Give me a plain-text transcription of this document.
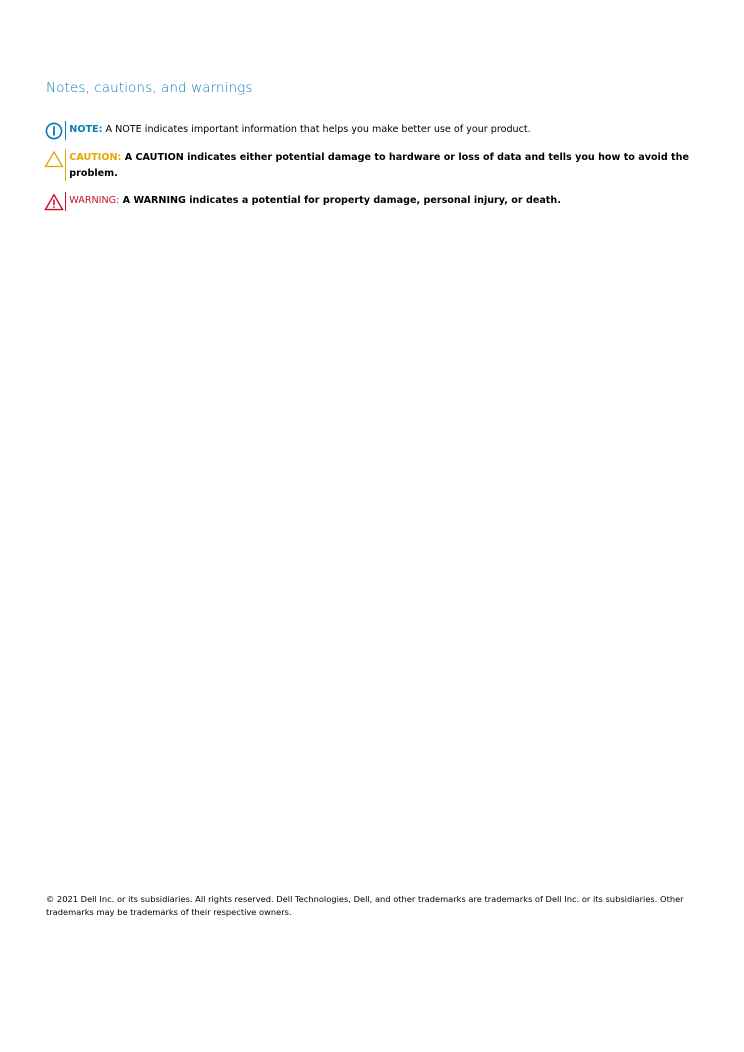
Notes, cautions, and warnings
NOTE: A NOTE indicates important information that helps you make better use of your product.
CAUTION: A CAUTION indicates either potential damage to hardware or loss of data and tells you how to avoid the problem.
WARNING: A WARNING indicates a potential for property damage, personal injury, or death.
© 2021 Dell Inc. or its subsidiaries. All rights reserved. Dell Technologies, Dell, and other trademarks are trademarks of Dell Inc. or its subsidiaries. Other trademarks may be trademarks of their respective owners.
